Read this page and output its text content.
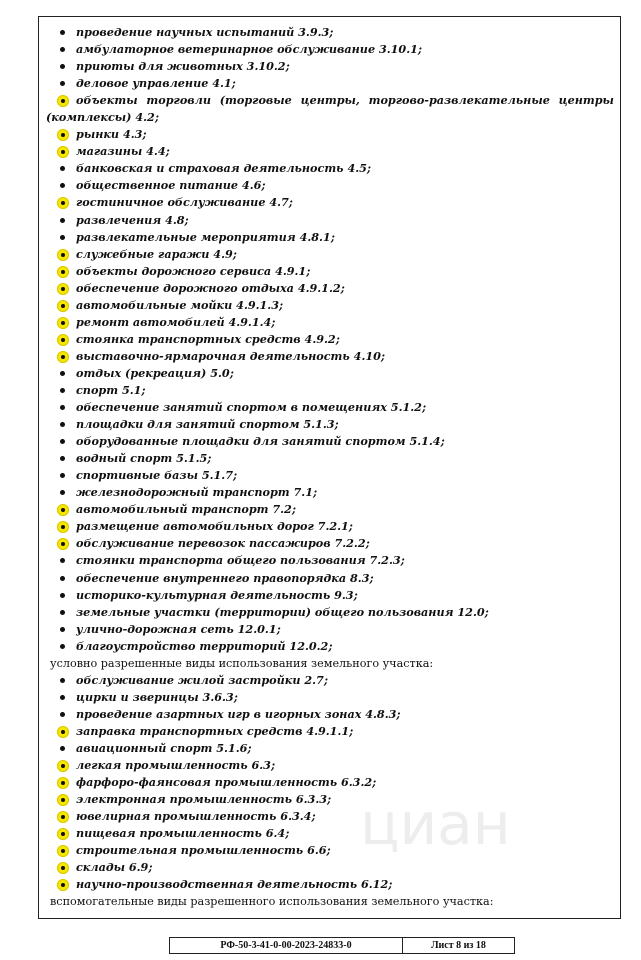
циан
проведение научных испытаний 3.9.3;
амбулаторное ветеринарное обслуживание 3.10.1;
приюты для животных 3.10.2;
деловое управление 4.1;
объекты торговли (торговые центры, торгово-развлекательные центры
(комплексы) 4.2;
рынки 4.3;
магазины 4.4;
банковская и страховая деятельность 4.5;
общественное питание 4.6;
гостиничное обслуживание 4.7;
развлечения 4.8;
развлекательные мероприятия 4.8.1;
служебные гаражи 4.9;
объекты дорожного сервиса 4.9.1;
обеспечение дорожного отдыха 4.9.1.2;
автомобильные мойки 4.9.1.3;
ремонт автомобилей 4.9.1.4;
стоянка транспортных средств 4.9.2;
выставочно-ярмарочная деятельность 4.10;
отдых (рекреация) 5.0;
спорт 5.1;
обеспечение занятий спортом в помещениях 5.1.2;
площадки для занятий спортом 5.1.3;
оборудованные площадки для занятий спортом 5.1.4;
водный спорт 5.1.5;
спортивные базы 5.1.7;
железнодорожный транспорт 7.1;
автомобильный транспорт 7.2;
размещение автомобильных дорог 7.2.1;
обслуживание перевозок пассажиров 7.2.2;
стоянки транспорта общего пользования 7.2.3;
обеспечение внутреннего правопорядка 8.3;
историко-культурная деятельность 9.3;
земельные участки (территории) общего пользования 12.0;
улично-дорожная сеть 12.0.1;
благоустройство территорий 12.0.2;
условно разрешенные виды использования земельного участка:
обслуживание жилой застройки 2.7;
цирки и зверинцы 3.6.3;
проведение азартных игр в игорных зонах 4.8.3;
заправка транспортных средств 4.9.1.1;
авиационный спорт 5.1.6;
легкая промышленность 6.3;
фарфоро-фаянсовая промышленность 6.3.2;
электронная промышленность 6.3.3;
ювелирная промышленность 6.3.4;
пищевая промышленность 6.4;
строительная промышленность 6.6;
склады 6.9;
научно-производственная деятельность 6.12;
вспомогательные виды разрешенного использования земельного участка:
РФ-50-3-41-0-00-2023-24833-0	Лист 8 из 18
